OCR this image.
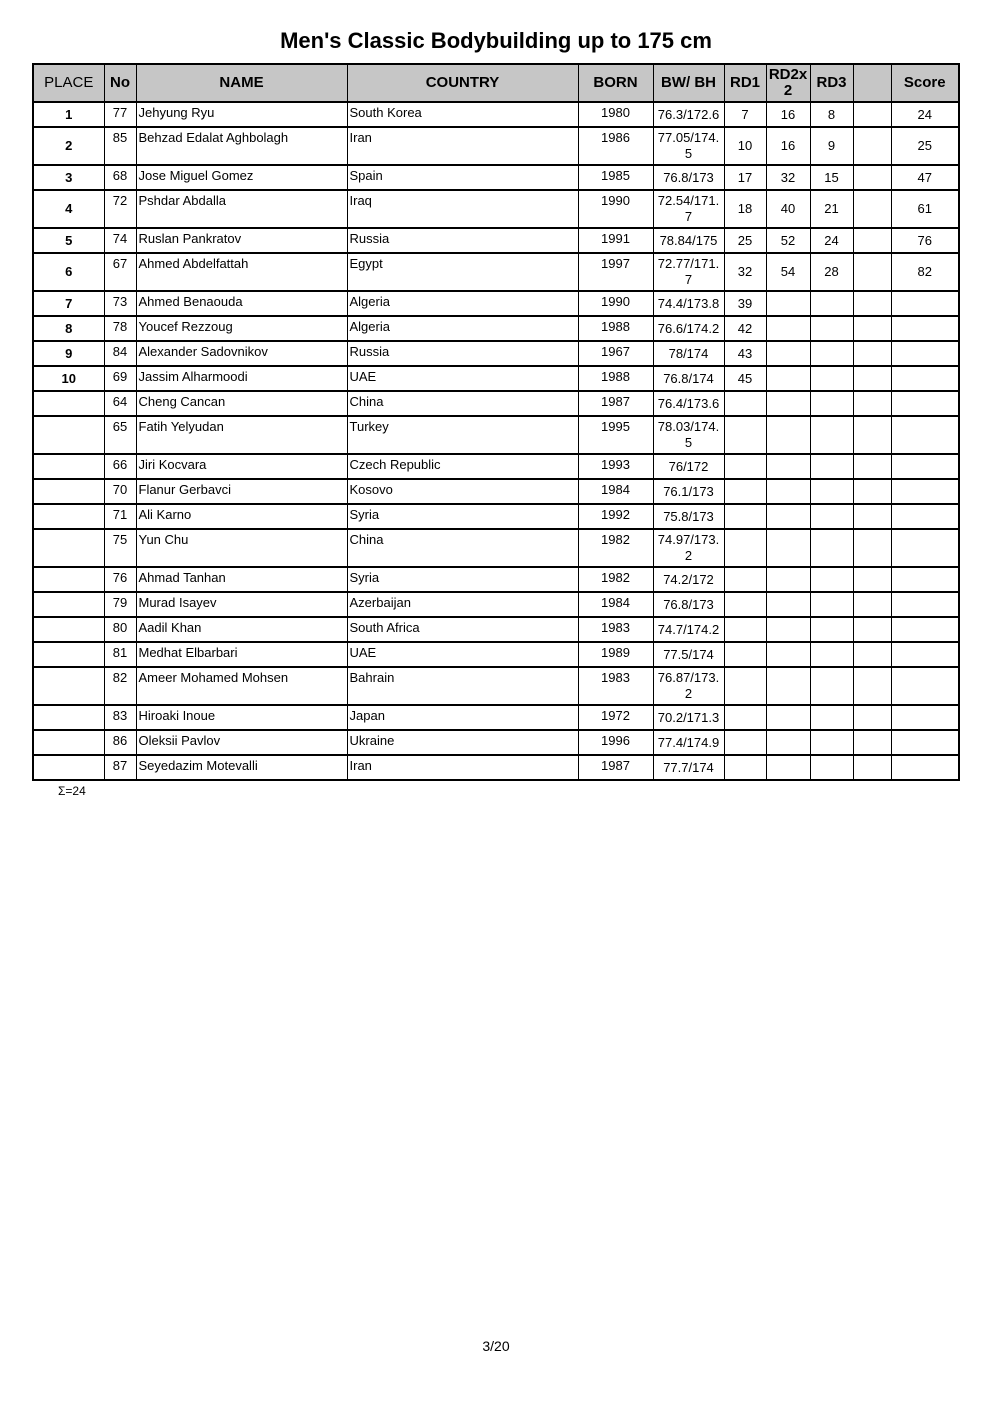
Men's Classic Bodybuilding up to 175 cm
PLACE	No	NAME	COUNTRY	BORN	BW/ BH	RD1	RD2x2	RD3		Score
1	77	Jehyung Ryu	South Korea	1980	76.3/172.6	7	16	8		24
2	85	Behzad Edalat Aghbolagh	Iran	1986	77.05/174.5	10	16	9		25
3	68	Jose Miguel Gomez	Spain	1985	76.8/173	17	32	15		47
4	72	Pshdar Abdalla	Iraq	1990	72.54/171.7	18	40	21		61
5	74	Ruslan Pankratov	Russia	1991	78.84/175	25	52	24		76
6	67	Ahmed Abdelfattah	Egypt	1997	72.77/171.7	32	54	28		82
7	73	Ahmed Benaouda	Algeria	1990	74.4/173.8	39				
8	78	Youcef Rezzoug	Algeria	1988	76.6/174.2	42				
9	84	Alexander Sadovnikov	Russia	1967	78/174	43				
10	69	Jassim Alharmoodi	UAE	1988	76.8/174	45				
	64	Cheng Cancan	China	1987	76.4/173.6					
	65	Fatih Yelyudan	Turkey	1995	78.03/174.5					
	66	Jiri Kocvara	Czech Republic	1993	76/172					
	70	Flanur Gerbavci	Kosovo	1984	76.1/173					
	71	Ali Karno	Syria	1992	75.8/173					
	75	Yun Chu	China	1982	74.97/173.2					
	76	Ahmad Tanhan	Syria	1982	74.2/172					
	79	Murad Isayev	Azerbaijan	1984	76.8/173					
	80	Aadil Khan	South Africa	1983	74.7/174.2					
	81	Medhat Elbarbari	UAE	1989	77.5/174					
	82	Ameer Mohamed Mohsen	Bahrain	1983	76.87/173.2					
	83	Hiroaki Inoue	Japan	1972	70.2/171.3					
	86	Oleksii Pavlov	Ukraine	1996	77.4/174.9					
	87	Seyedazim Motevalli	Iran	1987	77.7/174					
Σ=24
3/20
